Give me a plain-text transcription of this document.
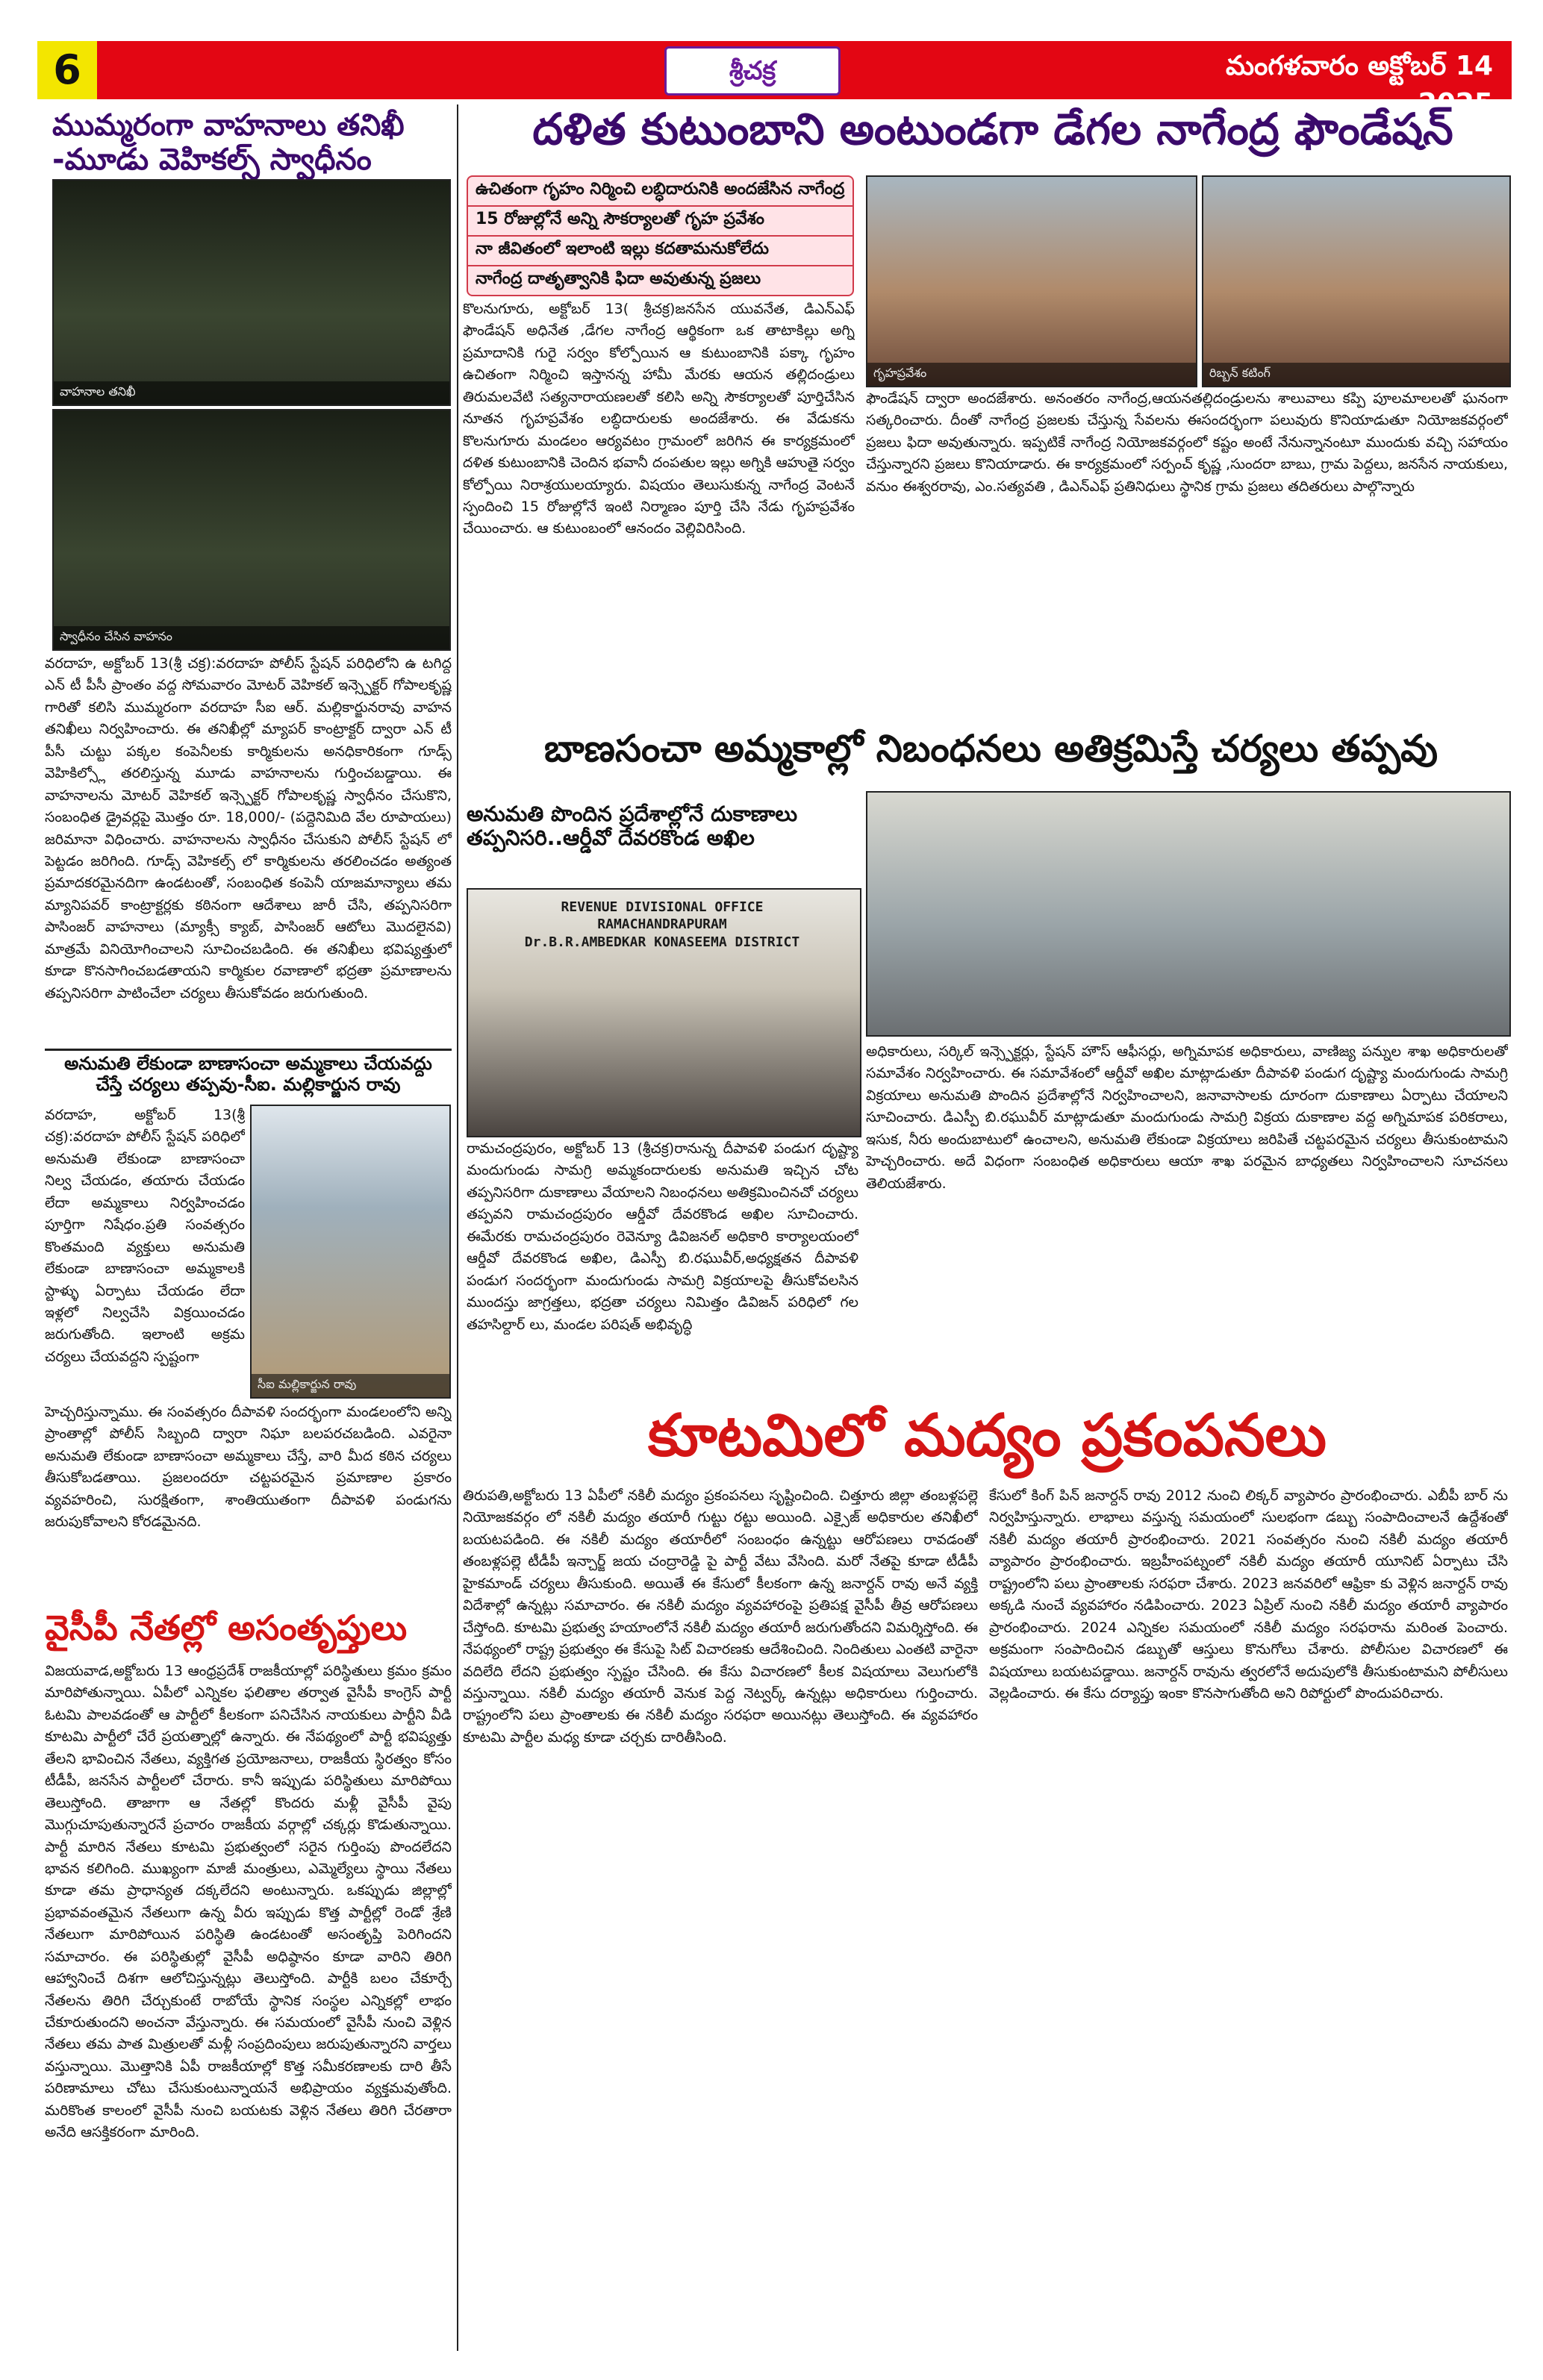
6	శ్రీచక్ర	మంగళవారం అక్టోబర్ 14 2025
ముమ్మరంగా వాహనాలు తనిఖీ
-మూడు వెహికల్స్ స్వాధీనం
వాహనాల తనిఖీ
స్వాధీనం చేసిన వాహనం
వరదాహ, అక్టోబర్ 13(శ్రీ చక్ర):వరదాహ పోలీస్ స్టేషన్ పరిధిలోని ఉ టగిద్ద ఎన్ టీ పీసీ ప్రాంతం వద్ద సోమవారం మోటర్ వెహికల్ ఇన్స్పెక్టర్ గోపాలకృష్ణ గారితో కలిసి ముమ్మరంగా వరదాహ సీఐ ఆర్. మల్లికార్జునరావు వాహన తనిఖీలు నిర్వహించారు. ఈ తనిఖీల్లో మ్యాపర్ కాంట్రాక్టర్ ద్వారా ఎన్ టీ పీసీ చుట్టు పక్కల కంపెనీలకు కార్మికులను అనధికారికంగా గూడ్స్ వెహికిల్స్లో తరలిస్తున్న మూడు వాహనాలను గుర్తించబడ్డాయి. ఈ వాహనాలను మోటర్ వెహికల్ ఇన్స్పెక్టర్ గోపాలకృష్ణ స్వాధీనం చేసుకొని, సంబంధిత డ్రైవర్లపై మొత్తం రూ. 18,000/- (పద్దెనిమిది వేల రూపాయలు) జరిమానా విధించారు. వాహనాలను స్వాధీనం చేసుకుని పోలీస్ స్టేషన్ లో పెట్టడం జరిగింది. గూడ్స్ వెహికల్స్ లో కార్మికులను తరలించడం అత్యంత ప్రమాదకరమైనదిగా ఉండటంతో, సంబంధిత కంపెనీ యాజమాన్యాలు తమ మ్యానిపవర్ కాంట్రాక్టర్లకు కఠినంగా ఆదేశాలు జారీ చేసి, తప్పనిసరిగా పాసింజర్ వాహనాలు (మ్యాక్సీ క్యాబ్, పాసింజర్ ఆటోలు మొదలైనవి) మాత్రమే వినియోగించాలని సూచించబడింది. ఈ తనిఖీలు భవిష్యత్తులో కూడా కొనసాగించబడతాయని కార్మికుల రవాణాలో భద్రతా ప్రమాణాలను తప్పనిసరిగా పాటించేలా చర్యలు తీసుకోవడం జరుగుతుంది.
అనుమతి లేకుండా బాణాసంచా అమ్మకాలు చేయవద్దు
చేస్తే చర్యలు తప్పవు-సీఐ. మల్లికార్జున రావు
వరదాహ, అక్టోబర్ 13(శ్రీ చక్ర):వరదాహ పోలీస్ స్టేషన్ పరిధిలో అనుమతి లేకుండా బాణాసంచా నిల్వ చేయడం, తయారు చేయడం లేదా అమ్మకాలు నిర్వహించడం పూర్తిగా నిషేధం.ప్రతి సంవత్సరం కొంతమంది వ్యక్తులు అనుమతి లేకుండా బాణాసంచా అమ్మకాలకి స్టాళ్ళు ఏర్పాటు చేయడం లేదా ఇళ్లలో నిల్వచేసి విక్రయించడం జరుగుతోంది. ఇలాంటి అక్రమ చర్యలు చేయవద్దని స్పష్టంగా
సీఐ మల్లికార్జున రావు
హెచ్చరిస్తున్నాము. ఈ సంవత్సరం దీపావళి సందర్భంగా మండలంలోని అన్ని ప్రాంతాల్లో పోలీస్ సిబ్బంది ద్వారా నిఘా బలపరచబడింది. ఎవరైనా అనుమతి లేకుండా బాణాసంచా అమ్మకాలు చేస్తే, వారి మీద కఠిన చర్యలు తీసుకోబడతాయి. ప్రజలందరూ చట్టపరమైన ప్రమాణాల ప్రకారం వ్యవహరించి, సురక్షితంగా, శాంతియుతంగా దీపావళి పండుగను జరుపుకోవాలని కోరడమైనది.
వైసీపీ నేతల్లో అసంతృప్తులు
విజయవాడ,అక్టోబరు 13 ఆంధ్రప్రదేశ్ రాజకీయాల్లో పరిస్థితులు క్రమం క్రమం మారిపోతున్నాయి. ఏపీలో ఎన్నికల ఫలితాల తర్వాత వైసీపీ కాంగ్రెస్ పార్టీ ఓటమి పాలవడంతో ఆ పార్టీలో కీలకంగా పనిచేసిన నాయకులు పార్టీని వీడి కూటమి పార్టీలో చేరే ప్రయత్నాల్లో ఉన్నారు. ఈ నేపథ్యంలో పార్టీ భవిష్యత్తు తేలని భావించిన నేతలు, వ్యక్తిగత ప్రయోజనాలు, రాజకీయ స్థిరత్వం కోసం టీడీపీ, జనసేన పార్టీలలో చేరారు. కానీ ఇప్పుడు పరిస్థితులు మారిపోయి తెలుస్తోంది. తాజాగా ఆ నేతల్లో కొందరు మళ్లీ వైసీపీ వైపు మొగ్గుచూపుతున్నారనే ప్రచారం రాజకీయ వర్గాల్లో చక్కర్లు కొడుతున్నాయి. పార్టీ మారిన నేతలు కూటమి ప్రభుత్వంలో సరైన గుర్తింపు పొందలేదని భావన కలిగింది. ముఖ్యంగా మాజీ మంత్రులు, ఎమ్మెల్యేలు స్థాయి నేతలు కూడా తమ ప్రాధాన్యత దక్కలేదని అంటున్నారు. ఒకప్పుడు జిల్లాల్లో ప్రభావవంతమైన నేతలుగా ఉన్న వీరు ఇప్పుడు కొత్త పార్టీల్లో రెండో శ్రేణి నేతలుగా మారిపోయిన పరిస్థితి ఉండటంతో అసంతృప్తి పెరిగిందని సమాచారం. ఈ పరిస్థితుల్లో వైసీపీ అధిష్ఠానం కూడా వారిని తిరిగి ఆహ్వానించే దిశగా ఆలోచిస్తున్నట్లు తెలుస్తోంది. పార్టీకి బలం చేకూర్చే నేతలను తిరిగి చేర్చుకుంటే రాబోయే స్థానిక సంస్థల ఎన్నికల్లో లాభం చేకూరుతుందని అంచనా వేస్తున్నారు. ఈ సమయంలో వైసీపీ నుంచి వెళ్లిన నేతలు తమ పాత మిత్రులతో మళ్లీ సంప్రదింపులు జరుపుతున్నారని వార్తలు వస్తున్నాయి. మొత్తానికి ఏపీ రాజకీయాల్లో కొత్త సమీకరణాలకు దారి తీసే పరిణామాలు చోటు చేసుకుంటున్నాయనే అభిప్రాయం వ్యక్తమవుతోంది. మరికొంత కాలంలో వైసీపీ నుంచి బయటకు వెళ్లిన నేతలు తిరిగి చేరతారా అనేది ఆసక్తికరంగా మారింది.
దళిత కుటుంబాని అంటుండగా డేగల నాగేంద్ర ఫౌండేషన్
ఉచితంగా గృహం నిర్మించి లబ్ధిదారునికి అందజేసిన నాగేంద్ర
15 రోజుల్లోనే అన్ని సౌకర్యాలతో గృహ ప్రవేశం
నా జీవితంలో ఇలాంటి ఇల్లు కదతామనుకోలేదు
నాగేంద్ర దాతృత్వానికి ఫిదా అవుతున్న ప్రజలు
కొలనుగూరు, అక్టోబర్ 13( శ్రీచక్ర)జనసేన యువనేత, డిఎన్ఎఫ్ ఫౌండేషన్ అధినేత ,డేగల నాగేంద్ర ఆర్థికంగా ఒక తాటాకిల్లు అగ్ని ప్రమాదానికి గురై సర్వం కోల్పోయిన ఆ కుటుంబానికి పక్కా గృహం ఉచితంగా నిర్మించి ఇస్తానన్న హామీ మేరకు ఆయన తల్లిదండ్రులు తిరుమలవేటి సత్యనారాయణలతో కలిసి అన్ని సౌకర్యాలతో పూర్తిచేసిన నూతన గృహప్రవేశం లబ్ధిదారులకు అందజేశారు. ఈ వేడుకను కొలనుగూరు మండలం ఆర్యవటం గ్రామంలో జరిగిన ఈ కార్యక్రమంలో దళిత కుటుంబానికి చెందిన భవానీ దంపతుల ఇల్లు అగ్నికి ఆహుతై సర్వం కోల్పోయి నిరాశ్రయులయ్యారు. విషయం తెలుసుకున్న నాగేంద్ర వెంటనే స్పందించి 15 రోజుల్లోనే ఇంటి నిర్మాణం పూర్తి చేసి నేడు గృహప్రవేశం చేయించారు. ఆ కుటుంబంలో ఆనందం వెల్లివిరిసింది.
గృహప్రవేశం	రిబ్బన్ కటింగ్
ఫౌండేషన్ ద్వారా అందజేశారు. అనంతరం నాగేంద్ర,ఆయనతల్లిదండ్రులను శాలువాలు కప్పి పూలమాలలతో ఘనంగా సత్కరించారు. దీంతో నాగేంద్ర ప్రజలకు చేస్తున్న సేవలను ఈసందర్భంగా పలువురు కొనియాడుతూ నియోజకవర్గంలో ప్రజలు ఫిదా అవుతున్నారు. ఇప్పటికే నాగేంద్ర నియోజకవర్గంలో కష్టం అంటే నేనున్నానంటూ ముందుకు వచ్చి సహాయం చేస్తున్నారని ప్రజలు కొనియాడారు. ఈ కార్యక్రమంలో సర్పంచ్ కృష్ణ ,సుందరా బాబు, గ్రామ పెద్దలు, జనసేన నాయకులు, వనుం ఈశ్వరరావు, ఎం.సత్యవతి , డిఎన్ఎఫ్ ప్రతినిధులు స్థానిక గ్రామ ప్రజలు తదితరులు పాల్గొన్నారు
బాణసంచా అమ్మకాల్లో నిబంధనలు అతిక్రమిస్తే చర్యలు తప్పవు
అనుమతి పొందిన ప్రదేశాల్లోనే దుకాణాలు
తప్పనిసరి..ఆర్డీవో దేవరకొండ అఖిల
REVENUE DIVISIONAL OFFICE
RAMACHANDRAPURAM
Dr.B.R.AMBEDKAR KONASEEMA DISTRICT
రామచంద్రపురం, అక్టోబర్ 13 (శ్రీచక్ర)రానున్న దీపావళి పండుగ దృష్ట్యా మందుగుండు సామగ్రి అమ్మకందారులకు అనుమతి ఇచ్చిన చోట తప్పనిసరిగా దుకాణాలు వేయాలని నిబంధనలు అతిక్రమించినచో చర్యలు తప్పవని రామచంద్రపురం ఆర్డీవో దేవరకొండ అఖిల సూచించారు. ఈమేరకు రామచంద్రపురం రెవెన్యూ డివిజనల్ అధికారి కార్యాలయంలో ఆర్డీవో దేవరకొండ అఖిల, డిఎస్పీ బి.రఘువీర్,అధ్యక్షతన దీపావళి పండుగ సందర్భంగా మందుగుండు సామగ్రి విక్రయాలపై తీసుకోవలసిన ముందస్తు జాగ్రత్తలు, భద్రతా చర్యలు నిమిత్తం డివిజన్ పరిధిలో గల తహసిల్దార్ లు, మండల పరిషత్ అభివృద్ధి
అధికారులు, సర్కిల్ ఇన్స్పెక్టర్లు, స్టేషన్ హౌస్ ఆఫీసర్లు, అగ్నిమాపక అధికారులు, వాణిజ్య పన్నుల శాఖ అధికారులతో సమావేశం నిర్వహించారు. ఈ సమావేశంలో ఆర్డీవో అఖిల మాట్లాడుతూ దీపావళి పండుగ దృష్ట్యా మందుగుండు సామగ్రి విక్రయాలు అనుమతి పొందిన ప్రదేశాల్లోనే నిర్వహించాలని, జనావాసాలకు దూరంగా దుకాణాలు ఏర్పాటు చేయాలని సూచించారు. డిఎస్పీ బి.రఘువీర్ మాట్లాడుతూ మందుగుండు సామగ్రి విక్రయ దుకాణాల వద్ద అగ్నిమాపక పరికరాలు, ఇసుక, నీరు అందుబాటులో ఉంచాలని, అనుమతి లేకుండా విక్రయాలు జరిపితే చట్టపరమైన చర్యలు తీసుకుంటామని హెచ్చరించారు. అదే విధంగా సంబంధిత అధికారులు ఆయా శాఖ పరమైన బాధ్యతలు నిర్వహించాలని సూచనలు తెలియజేశారు.
కూటమిలో మద్యం ప్రకంపనలు
తిరుపతి,అక్టోబరు 13 ఏపీలో నకిలీ మద్యం ప్రకంపనలు సృష్టించింది. చిత్తూరు జిల్లా తంబళ్లపల్లె నియోజకవర్గం లో నకిలీ మద్యం తయారీ గుట్టు రట్టు అయింది. ఎక్సైజ్ అధికారుల తనిఖీలో బయటపడింది. ఈ నకిలీ మద్యం తయారీలో సంబంధం ఉన్నట్టు ఆరోపణలు రావడంతో తంబళ్లపల్లె టీడీపీ ఇన్చార్జ్ జయ చంద్రారెడ్డి పై పార్టీ వేటు వేసింది. మరో నేతపై కూడా టీడీపీ హైకమాండ్ చర్యలు తీసుకుంది. అయితే ఈ కేసులో కీలకంగా ఉన్న జనార్దన్ రావు అనే వ్యక్తి విదేశాల్లో ఉన్నట్లు సమాచారం. ఈ నకిలీ మద్యం వ్యవహారంపై ప్రతిపక్ష వైసీపీ తీవ్ర ఆరోపణలు చేస్తోంది. కూటమి ప్రభుత్వ హయాంలోనే నకిలీ మద్యం తయారీ జరుగుతోందని విమర్శిస్తోంది. ఈ నేపథ్యంలో రాష్ట్ర ప్రభుత్వం ఈ కేసుపై సిట్ విచారణకు ఆదేశించింది. నిందితులు ఎంతటి వారైనా వదిలేది లేదని ప్రభుత్వం స్పష్టం చేసింది. ఈ కేసు విచారణలో కీలక విషయాలు వెలుగులోకి వస్తున్నాయి. నకిలీ మద్యం తయారీ వెనుక పెద్ద నెట్వర్క్ ఉన్నట్లు అధికారులు గుర్తించారు. రాష్ట్రంలోని పలు ప్రాంతాలకు ఈ నకిలీ మద్యం సరఫరా అయినట్లు తెలుస్తోంది. ఈ వ్యవహారం కూటమి పార్టీల మధ్య కూడా చర్చకు దారితీసింది.
కేసులో కింగ్ పిన్ జనార్దన్ రావు 2012 నుంచి లిక్కర్ వ్యాపారం ప్రారంభించారు. ఎబీపీ బార్ ను నిర్వహిస్తున్నారు. లాభాలు వస్తున్న సమయంలో సులభంగా డబ్బు సంపాదించాలనే ఉద్దేశంతో నకిలీ మద్యం తయారీ ప్రారంభించారు. 2021 సంవత్సరం నుంచి నకిలీ మద్యం తయారీ వ్యాపారం ప్రారంభించారు. ఇబ్రహీంపట్నంలో నకిలీ మద్యం తయారీ యూనిట్ ఏర్పాటు చేసి రాష్ట్రంలోని పలు ప్రాంతాలకు సరఫరా చేశారు. 2023 జనవరిలో ఆఫ్రికా కు వెళ్లిన జనార్దన్ రావు అక్కడి నుంచే వ్యవహారం నడిపించారు. 2023 ఏప్రిల్ నుంచి నకిలీ మద్యం తయారీ వ్యాపారం ప్రారంభించారు. 2024 ఎన్నికల సమయంలో నకిలీ మద్యం సరఫరాను మరింత పెంచారు. అక్రమంగా సంపాదించిన డబ్బుతో ఆస్తులు కొనుగోలు చేశారు. పోలీసుల విచారణలో ఈ విషయాలు బయటపడ్డాయి. జనార్దన్ రావును త్వరలోనే అదుపులోకి తీసుకుంటామని పోలీసులు వెల్లడించారు. ఈ కేసు దర్యాప్తు ఇంకా కొనసాగుతోంది అని రిపోర్టులో పొందుపరిచారు.
